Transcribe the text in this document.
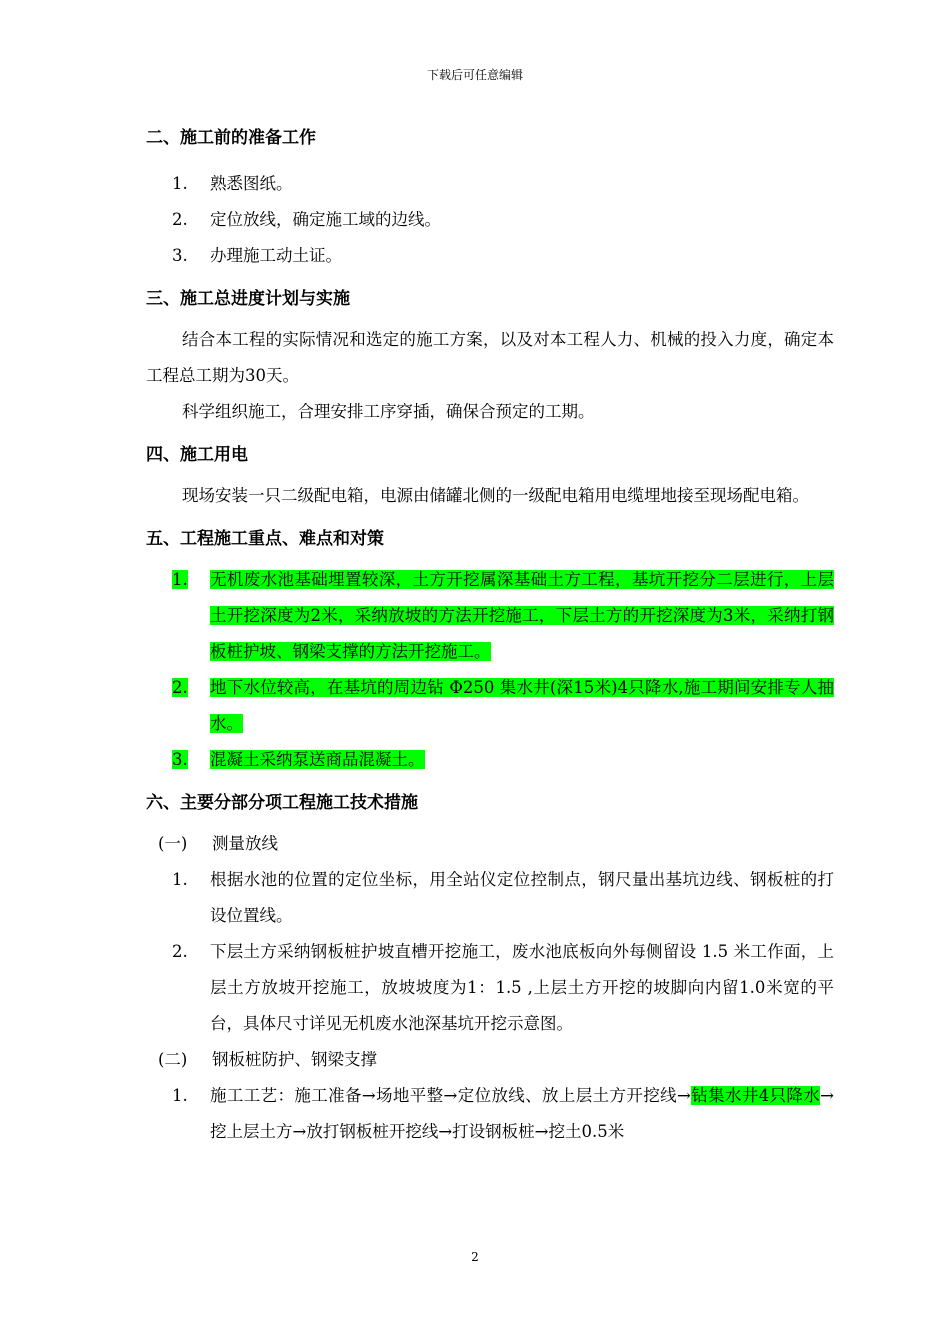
下载后可任意编辑
二、施工前的准备工作
1.	熟悉图纸。
2.	定位放线，确定施工域的边线。
3.	办理施工动土证。
三、施工总进度计划与实施

结合本工程的实际情况和选定的施工方案，以及对本工程人力、机械的投入力度，确定本工程总工期为30天。

科学组织施工，合理安排工序穿插，确保合预定的工期。

四、施工用电

现场安装一只二级配电箱，电源由储罐北侧的一级配电箱用电缆埋地接至现场配电箱。

五、工程施工重点、难点和对策
1.	无机废水池基础埋置较深，土方开挖属深基础土方工程，基坑开挖分二层进行，上层土开挖深度为2米，采纳放坡的方法开挖施工，下层土方的开挖深度为3米，采纳打钢板桩护坡、钢梁支撑的方法开挖施工。
2.	地下水位较高，在基坑的周边钻 Φ250 集水井(深15米)4只降水,施工期间安排专人抽水。
3.	混凝土采纳泵送商品混凝土。
六、主要分部分项工程施工技术措施

(一) 测量放线

1.	根据水池的位置的定位坐标，用全站仪定位控制点，钢尺量出基坑边线、钢板桩的打设位置线。
2.	下层土方采纳钢板桩护坡直槽开挖施工，废水池底板向外每侧留设 1.5 米工作面，上层土方放坡开挖施工，放坡坡度为1：1.5 ,上层土方开挖的坡脚向内留1.0米宽的平台，具体尺寸详见无机废水池深基坑开挖示意图。

(二) 钢板桩防护、钢梁支撑

1.	施工工艺：施工准备→场地平整→定位放线、放上层土方开挖线→钻集水井4只降水→挖上层土方→放打钢板桩开挖线→打设钢板桩→挖土0.5米
2
